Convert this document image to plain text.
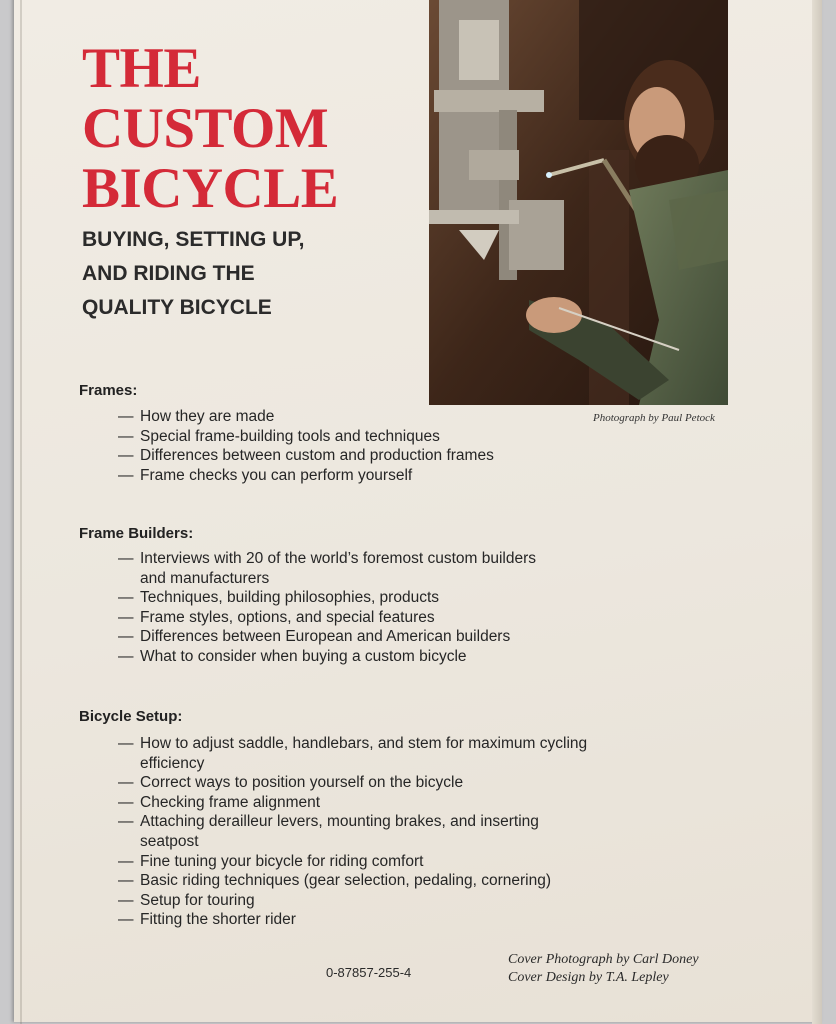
THE
CUSTOM
BICYCLE

BUYING, SETTING UP,

AND RIDING THE

QUALITY BICYCLE

Photograph by Paul Petock

Frames:

— How they are made
— Special frame-building tools and techniques
— Differences between custom and production frames
— Frame checks you can perform yourself

Frame Builders:

— Interviews with 20 of the world’s foremost custom builders
and manufacturers
— Techniques, building philosophies, products
— Frame styles, options, and special features
— Differences between European and American builders
— What to consider when buying a custom bicycle

Bicycle Setup:

— How to adjust saddle, handlebars, and stem for maximum cycling
efficiency
— Correct ways to position yourself on the bicycle
— Checking frame alignment
— Attaching derailleur levers, mounting brakes, and inserting
seatpost
— Fine tuning your bicycle for riding comfort
— Basic riding techniques (gear selection, pedaling, cornering)
— Setup for touring
— Fitting the shorter rider

0-87857-255-4

Cover Photograph by Carl Doney

Cover Design by T.A. Lepley
